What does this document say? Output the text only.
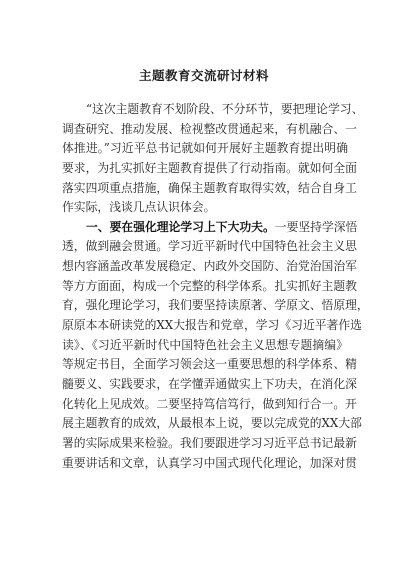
主题教育交流研讨材料
“这次主题教育不划阶段、不分环节，要把理论学习、
调查研究、推动发展、检视整改贯通起来，有机融合、一
体推进。”习近平总书记就如何开展好主题教育提出明确
要求，为扎实抓好主题教育提供了行动指南。就如何全面
落实四项重点措施，确保主题教育取得实效，结合自身工
作实际，浅谈几点认识体会。
一、要在强化理论学习上下大功夫。一要坚持学深悟
透，做到融会贯通。学习近平新时代中国特色社会主义思
想内容涵盖改革发展稳定、内政外交国防、治党治国治军
等方方面面，构成一个完整的科学体系。扎实抓好主题教
育，强化理论学习，我们要坚持读原著、学原文、悟原理，
原原本本研读党的XX大报告和党章，学习《习近平著作选
读》、《习近平新时代中国特色社会主义思想专题摘编》
等规定书目，全面学习领会这一重要思想的科学体系、精
髓要义、实践要求，在学懂弄通做实上下功夫，在消化深
化转化上见成效。二要坚持笃信笃行，做到知行合一。开
展主题教育的成效，从最根本上说，要以完成党的XX大部
署的实际成果来检验。我们要跟进学习习近平总书记最新
重要讲话和文章，认真学习中国式现代化理论，加深对贯
